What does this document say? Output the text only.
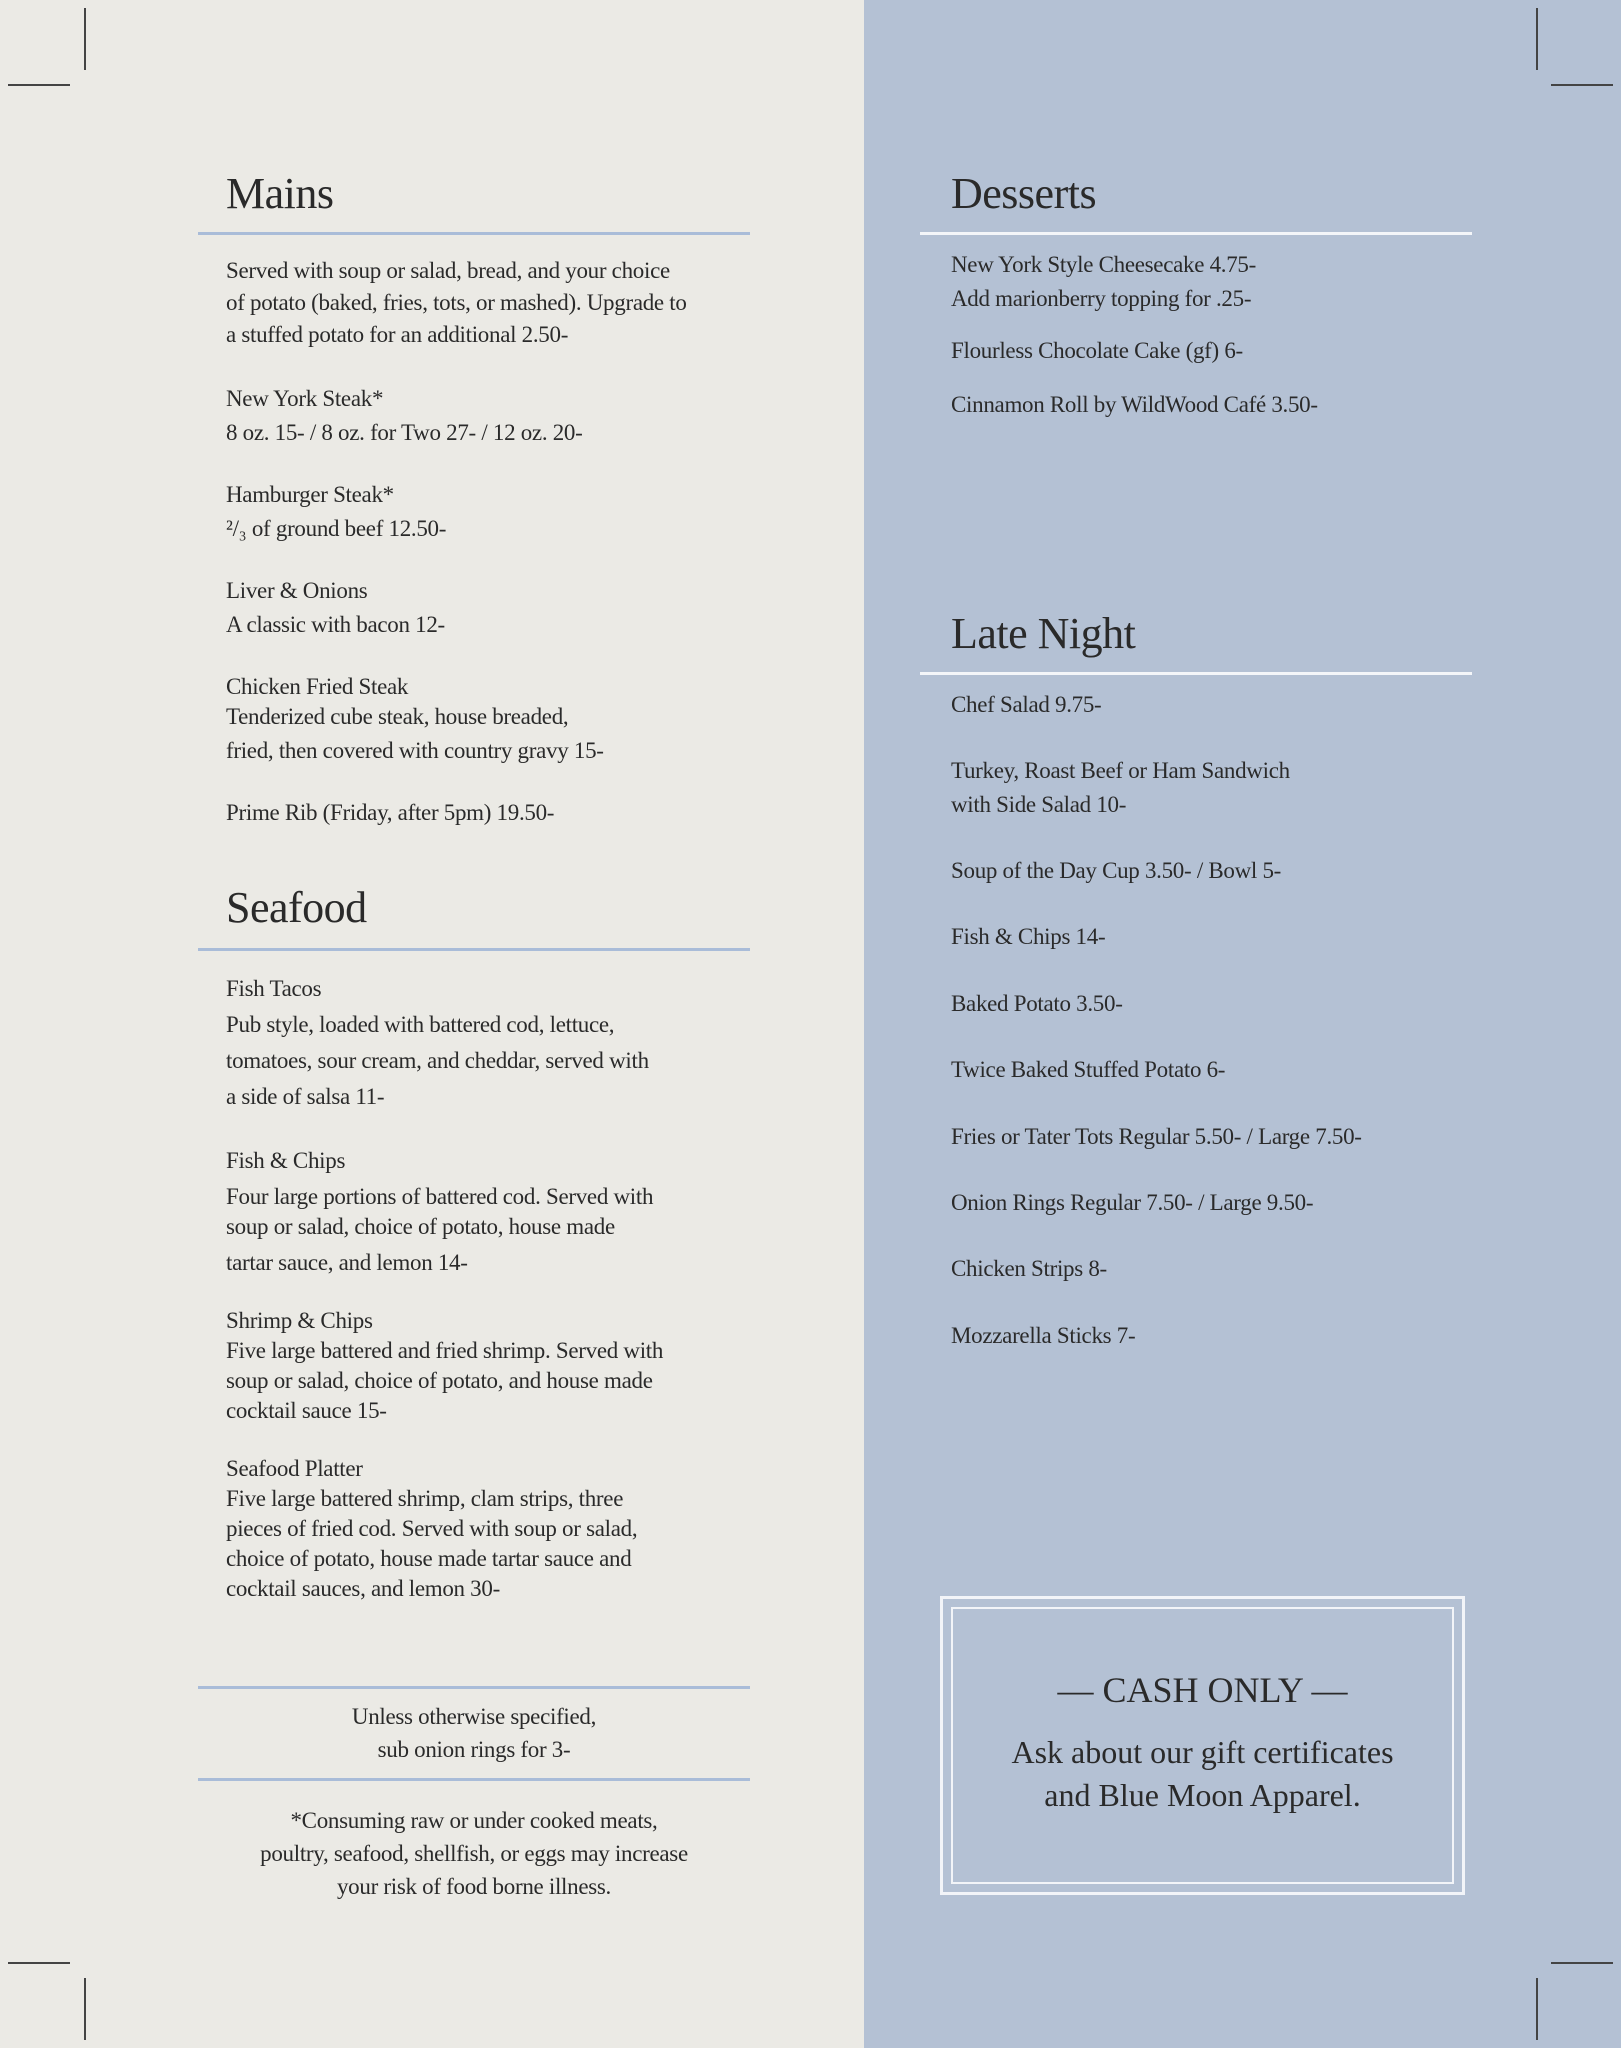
Mains
Served with soup or salad, bread, and your choice
of potato (baked, fries, tots, or mashed). Upgrade to
a stuffed potato for an additional 2.50-
New York Steak*
8 oz. 15- / 8 oz. for Two 27- / 12 oz. 20-
Hamburger Steak*
²/₃ of ground beef 12.50-
Liver & Onions
A classic with bacon 12-
Chicken Fried Steak
Tenderized cube steak, house breaded,
fried, then covered with country gravy 15-
Prime Rib (Friday, after 5pm) 19.50-
Seafood
Fish Tacos
Pub style, loaded with battered cod, lettuce,
tomatoes, sour cream, and cheddar, served with
a side of salsa 11-
Fish & Chips
Four large portions of battered cod. Served with
soup or salad, choice of potato, house made
tartar sauce, and lemon 14-
Shrimp & Chips
Five large battered and fried shrimp. Served with
soup or salad, choice of potato, and house made
cocktail sauce 15-
Seafood Platter
Five large battered shrimp, clam strips, three
pieces of fried cod. Served with soup or salad,
choice of potato, house made tartar sauce and
cocktail sauces, and lemon 30-
Unless otherwise specified,
sub onion rings for 3-
*Consuming raw or under cooked meats,
poultry, seafood, shellfish, or eggs may increase
your risk of food borne illness.
Desserts
New York Style Cheesecake 4.75-
Add marionberry topping for .25-
Flourless Chocolate Cake (gf) 6-
Cinnamon Roll by WildWood Café 3.50-
Late Night
Chef Salad 9.75-
Turkey, Roast Beef or Ham Sandwich
with Side Salad 10-
Soup of the Day Cup 3.50- / Bowl 5-
Fish & Chips 14-
Baked Potato 3.50-
Twice Baked Stuffed Potato 6-
Fries or Tater Tots Regular 5.50- / Large 7.50-
Onion Rings Regular 7.50- / Large 9.50-
Chicken Strips 8-
Mozzarella Sticks 7-
— CASH ONLY —
Ask about our gift certificates
and Blue Moon Apparel.
